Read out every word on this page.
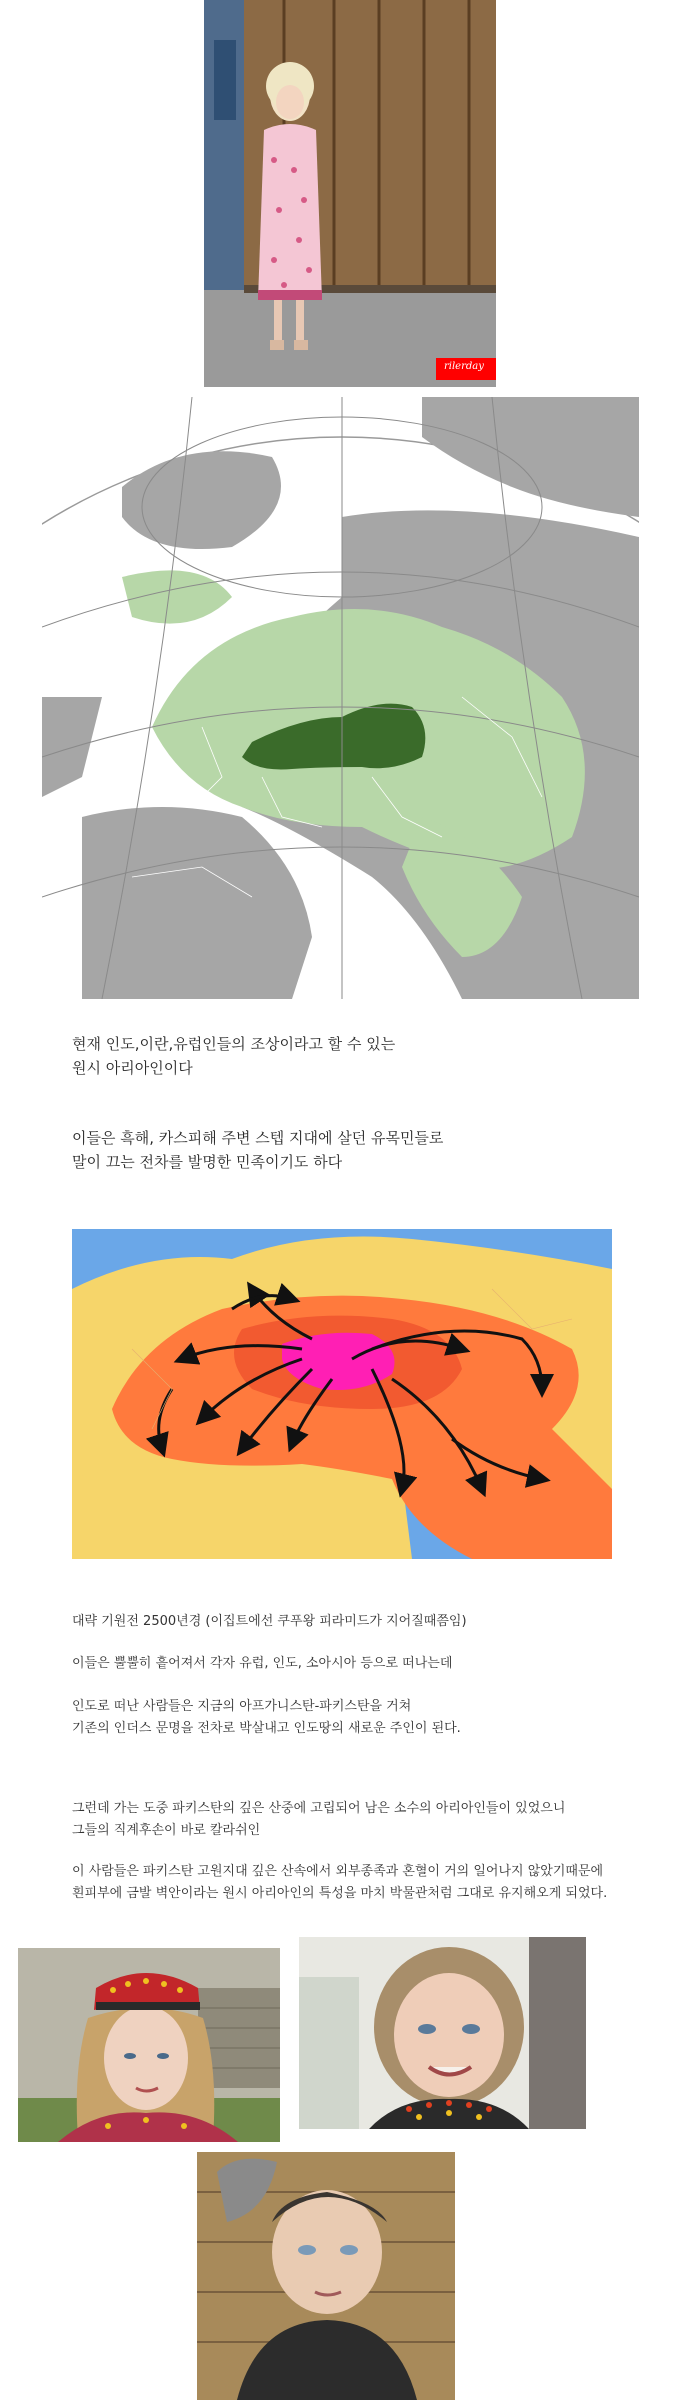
rilerday
현재 인도,이란,유럽인들의 조상이라고 할 수 있는
원시 아리아인이다
이들은 흑해, 카스피해 주변 스텝 지대에 살던 유목민들로
말이 끄는 전차를 발명한 민족이기도 하다
대략 기원전 2500년경 (이집트에선 쿠푸왕 피라미드가 지어질때쯤임)
이들은 뿔뿔히 흩어져서 각자 유럽, 인도, 소아시아 등으로 떠나는데
인도로 떠난 사람들은 지금의 아프가니스탄-파키스탄을 거쳐
기존의 인더스 문명을 전차로 박살내고 인도땅의 새로운 주인이 된다.
그런데 가는 도중 파키스탄의 깊은 산중에 고립되어 남은 소수의 아리아인들이 있었으니
그들의 직계후손이 바로 칼라쉬인
이 사람들은 파키스탄 고원지대 깊은 산속에서 외부종족과 혼혈이 거의 일어나지 않았기때문에
흰피부에 금발 벽안이라는 원시 아리아인의 특성을 마치 박물관처럼 그대로 유지해오게 되었다.
